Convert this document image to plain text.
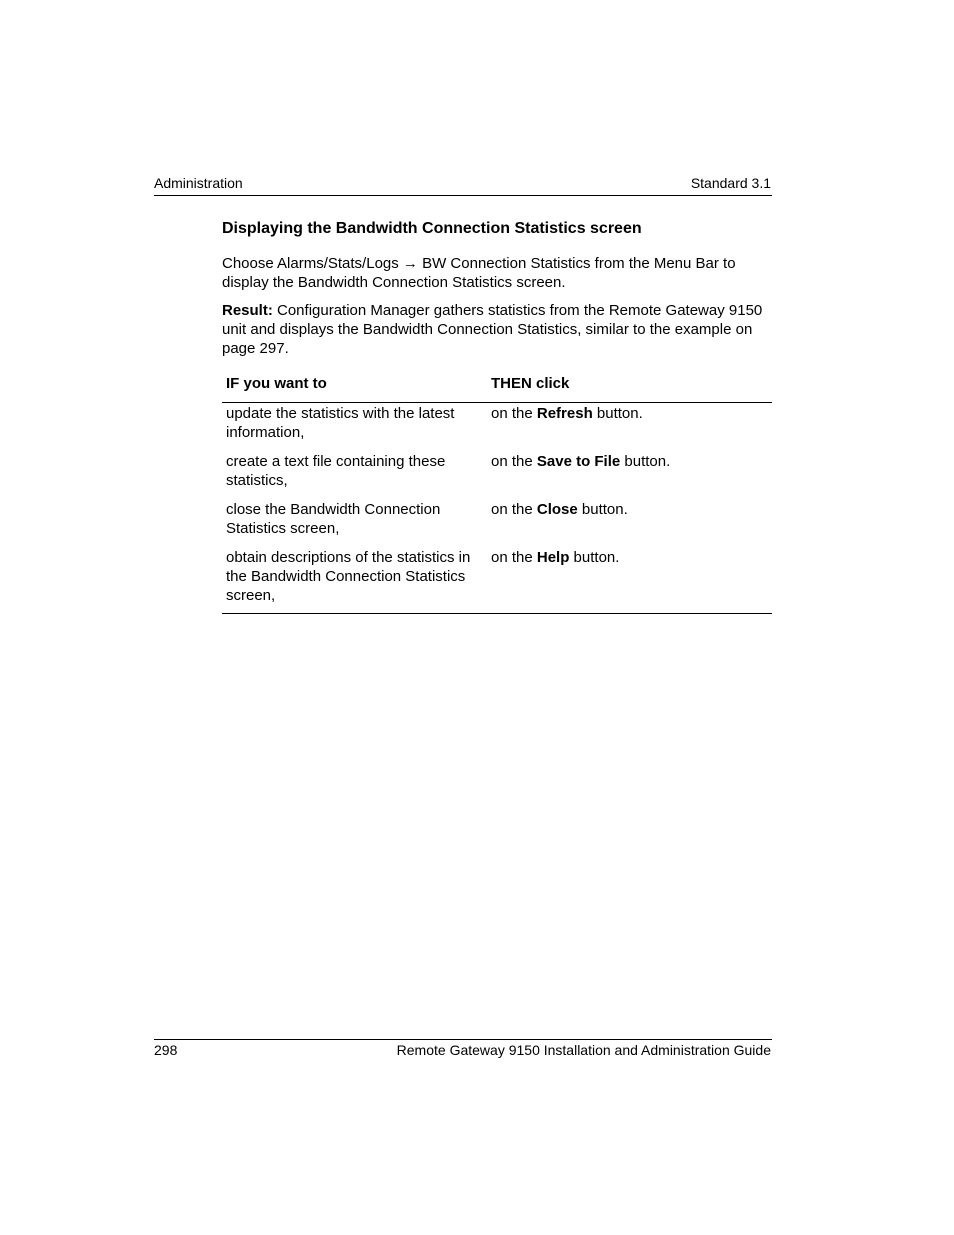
Administration	Standard 3.1
Displaying the Bandwidth Connection Statistics screen

Choose Alarms/Stats/Logs → BW Connection Statistics from the Menu Bar to display the Bandwidth Connection Statistics screen.

Result: Configuration Manager gathers statistics from the Remote Gateway 9150 unit and displays the Bandwidth Connection Statistics, similar to the example on page 297.

IF you want to	THEN click
update the statistics with the latest information,	on the Refresh button.
create a text file containing these statistics,	on the Save to File button.
close the Bandwidth Connection Statistics screen,	on the Close button.
obtain descriptions of the statistics in the Bandwidth Connection Statistics screen,	on the Help button.
298	Remote Gateway 9150 Installation and Administration Guide
